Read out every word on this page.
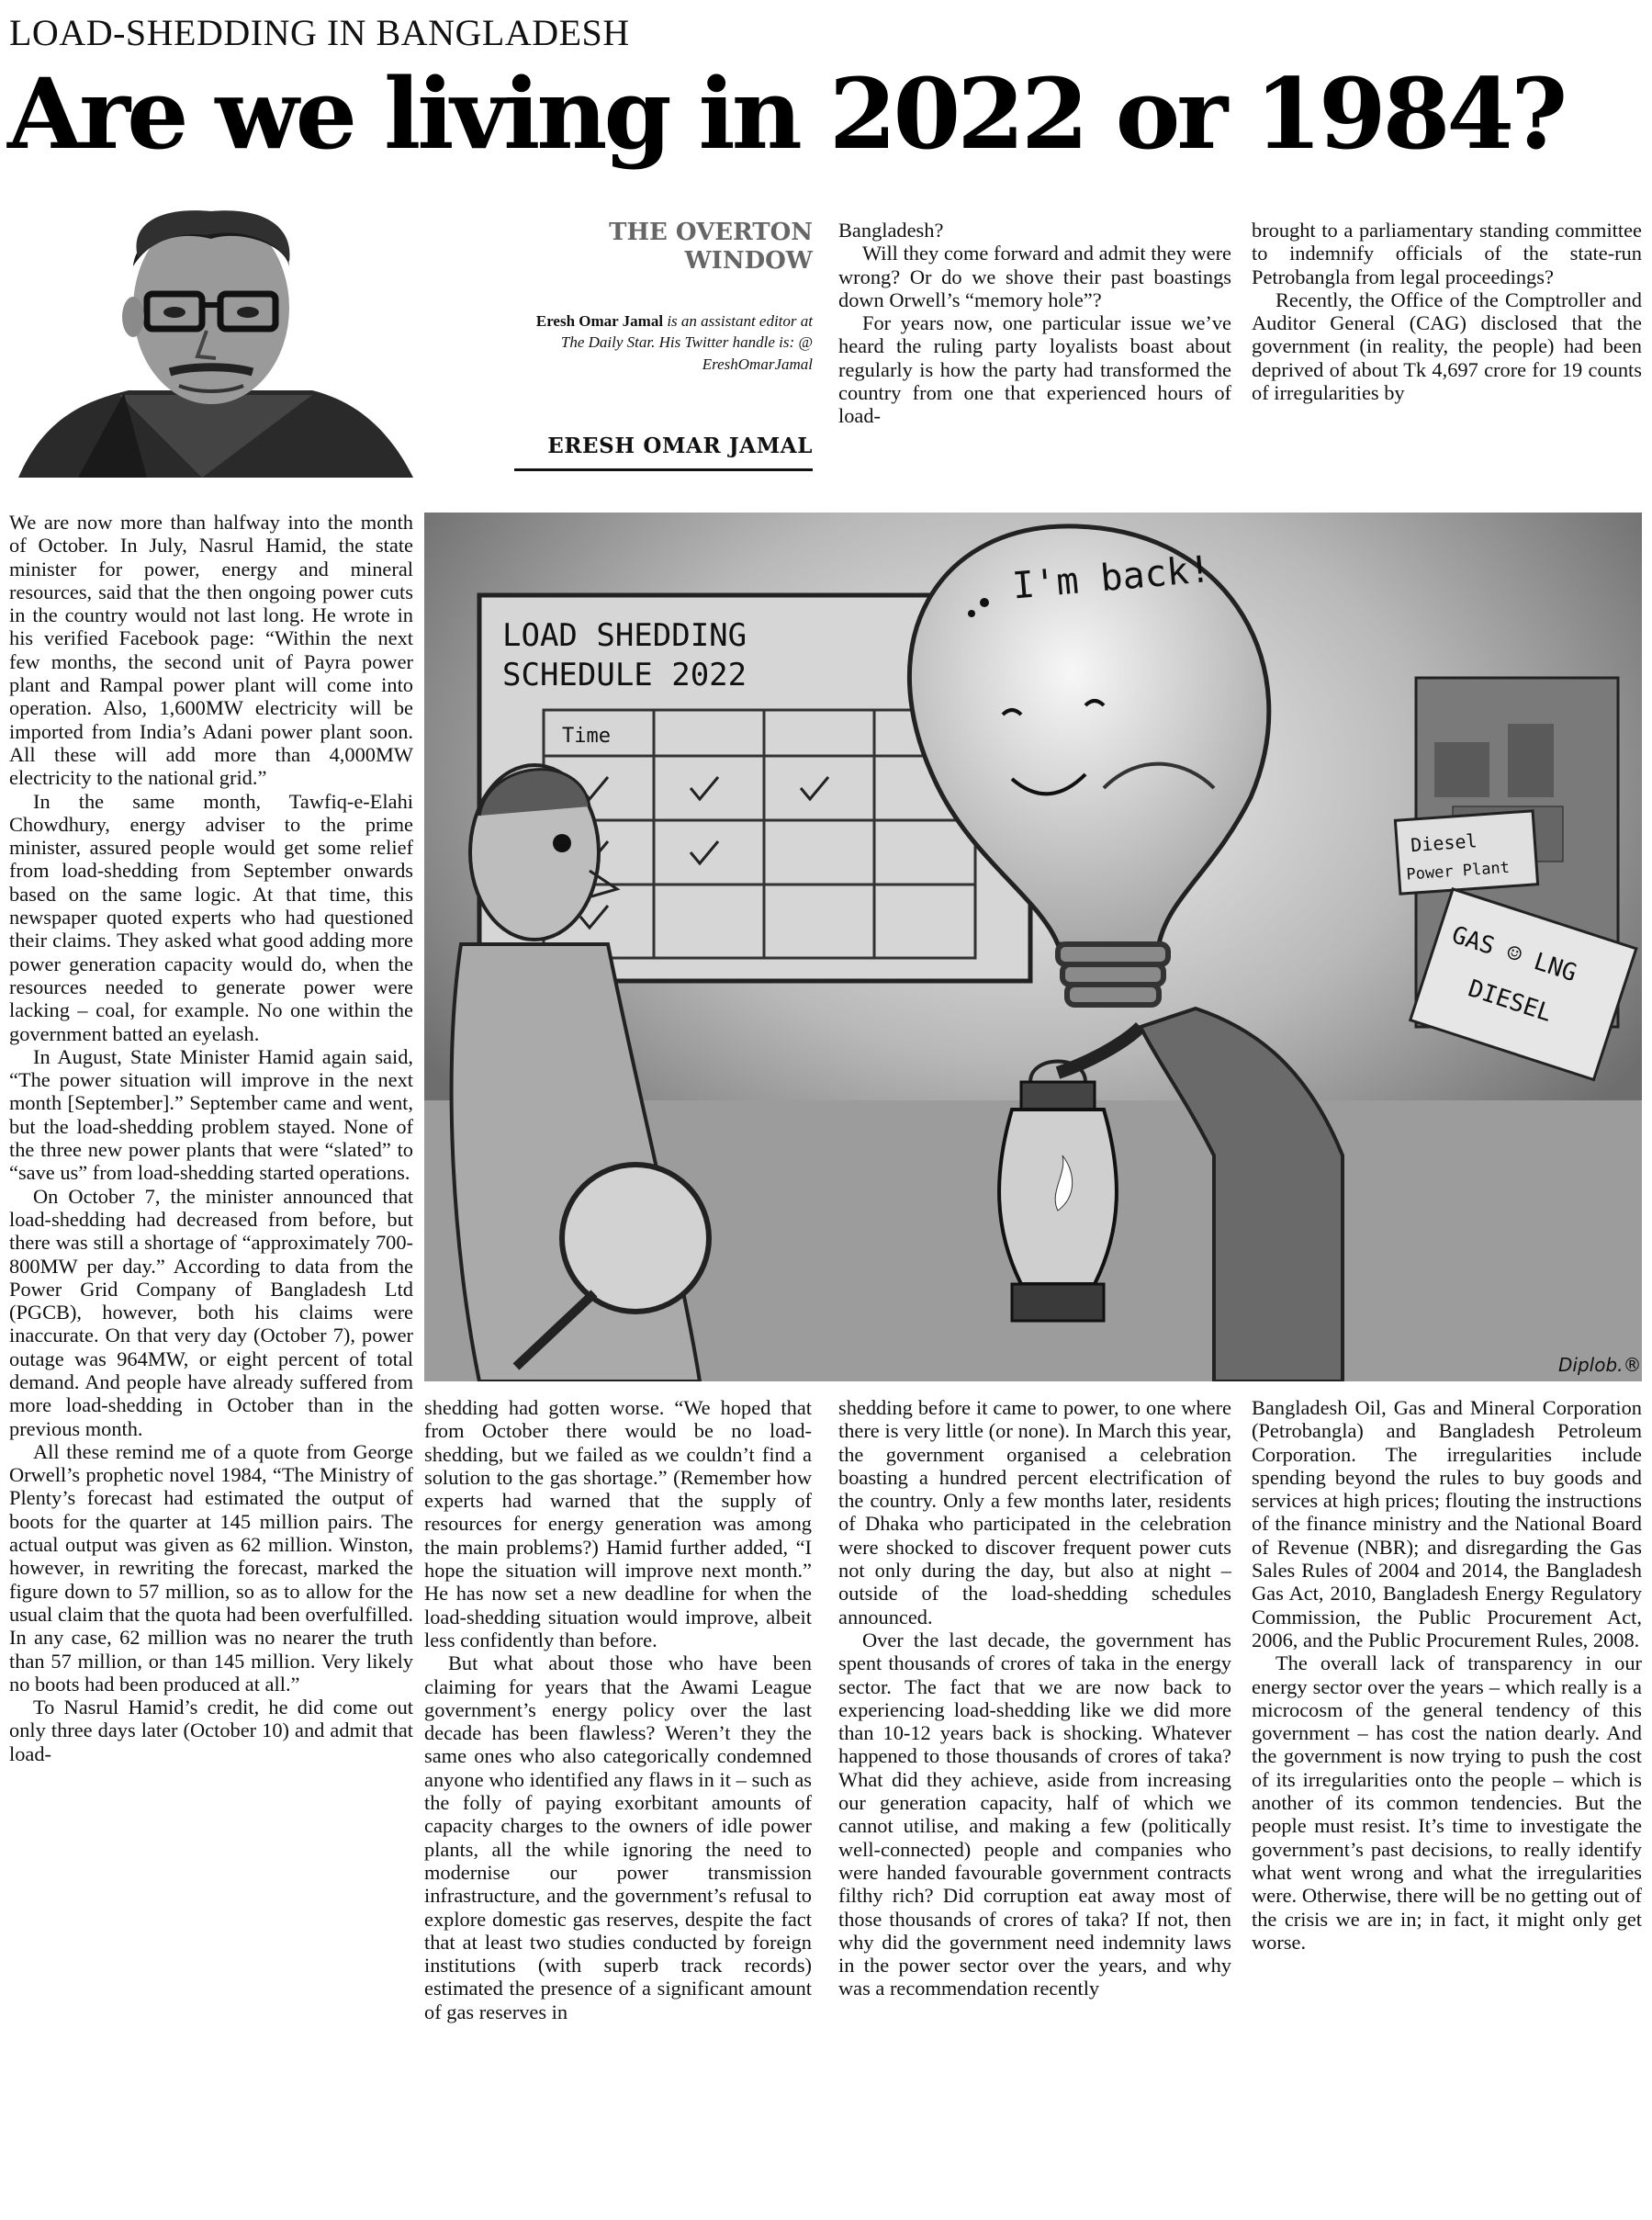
LOAD-SHEDDING IN BANGLADESH
Are we living in 2022 or 1984?
THE OVERTON
WINDOW
Eresh Omar Jamal is an assistant editor at The Daily Star. His Twitter handle is: @ EreshOmarJamal
ERESH OMAR JAMAL

We are now more than halfway into the month of October. In July, Nasrul Hamid, the state minister for power, energy and mineral resources, said that the then ongoing power cuts in the country would not last long. He wrote in his verified Facebook page: “Within the next few months, the second unit of Payra power plant and Rampal power plant will come into operation. Also, 1,600MW electricity will be imported from India’s Adani power plant soon. All these will add more than 4,000MW electricity to the national grid.”

In the same month, Tawfiq-e-Elahi Chowdhury, energy adviser to the prime minister, assured people would get some relief from load-shedding from September onwards based on the same logic. At that time, this newspaper quoted experts who had questioned their claims. They asked what good adding more power generation capacity would do, when the resources needed to generate power were lacking – coal, for example. No one within the government batted an eyelash.

In August, State Minister Hamid again said, “The power situation will improve in the next month [September].” September came and went, but the load-shedding problem stayed. None of the three new power plants that were “slated” to “save us” from load-shedding started operations.

On October 7, the minister announced that load-shedding had decreased from before, but there was still a shortage of “approximately 700-800MW per day.” According to data from the Power Grid Company of Bangladesh Ltd (PGCB), however, both his claims were inaccurate. On that very day (October 7), power outage was 964MW, or eight percent of total demand. And people have already suffered from more load-shedding in October than in the previous month.

All these remind me of a quote from George Orwell’s prophetic novel 1984, “The Ministry of Plenty’s forecast had estimated the output of boots for the quarter at 145 million pairs. The actual output was given as 62 million. Winston, however, in rewriting the forecast, marked the figure down to 57 million, so as to allow for the usual claim that the quota had been overfulfilled. In any case, 62 million was no nearer the truth than 57 million, or than 145 million. Very likely no boots had been produced at all.”

To Nasrul Hamid’s credit, he did come out only three days later (October 10) and admit that load-

Bangladesh?

Will they come forward and admit they were wrong? Or do we shove their past boastings down Orwell’s “memory hole”?

For years now, one particular issue we’ve heard the ruling party loyalists boast about regularly is how the party had transformed the country from one that experienced hours of load-

brought to a parliamentary standing committee to indemnify officials of the state-run Petrobangla from legal proceedings?

Recently, the Office of the Comptroller and Auditor General (CAG) disclosed that the government (in reality, the people) had been deprived of about Tk 4,697 crore for 19 counts of irregularities by

LOAD SHEDDING
SCHEDULE 2022
Time
Diesel
Power Plant
GAS ☺ LNG
DIESEL
I'm back!
Diplob.®

shedding had gotten worse. “We hoped that from October there would be no load-shedding, but we failed as we couldn’t find a solution to the gas shortage.” (Remember how experts had warned that the supply of resources for energy generation was among the main problems?) Hamid further added, “I hope the situation will improve next month.” He has now set a new deadline for when the load-shedding situation would improve, albeit less confidently than before.

But what about those who have been claiming for years that the Awami League government’s energy policy over the last decade has been flawless? Weren’t they the same ones who also categorically condemned anyone who identified any flaws in it – such as the folly of paying exorbitant amounts of capacity charges to the owners of idle power plants, all the while ignoring the need to modernise our power transmission infrastructure, and the government’s refusal to explore domestic gas reserves, despite the fact that at least two studies conducted by foreign institutions (with superb track records) estimated the presence of a significant amount of gas reserves in

shedding before it came to power, to one where there is very little (or none). In March this year, the government organised a celebration boasting a hundred percent electrification of the country. Only a few months later, residents of Dhaka who participated in the celebration were shocked to discover frequent power cuts not only during the day, but also at night – outside of the load-shedding schedules announced.

Over the last decade, the government has spent thousands of crores of taka in the energy sector. The fact that we are now back to experiencing load-shedding like we did more than 10-12 years back is shocking. Whatever happened to those thousands of crores of taka? What did they achieve, aside from increasing our generation capacity, half of which we cannot utilise, and making a few (politically well-connected) people and companies who were handed favourable government contracts filthy rich? Did corruption eat away most of those thousands of crores of taka? If not, then why did the government need indemnity laws in the power sector over the years, and why was a recommendation recently

Bangladesh Oil, Gas and Mineral Corporation (Petrobangla) and Bangladesh Petroleum Corporation. The irregularities include spending beyond the rules to buy goods and services at high prices; flouting the instructions of the finance ministry and the National Board of Revenue (NBR); and disregarding the Gas Sales Rules of 2004 and 2014, the Bangladesh Gas Act, 2010, Bangladesh Energy Regulatory Commission, the Public Procurement Act, 2006, and the Public Procurement Rules, 2008.

The overall lack of transparency in our energy sector over the years – which really is a microcosm of the general tendency of this government – has cost the nation dearly. And the government is now trying to push the cost of its irregularities onto the people – which is another of its common tendencies. But the people must resist. It’s time to investigate the government’s past decisions, to really identify what went wrong and what the irregularities were. Otherwise, there will be no getting out of the crisis we are in; in fact, it might only get worse.
